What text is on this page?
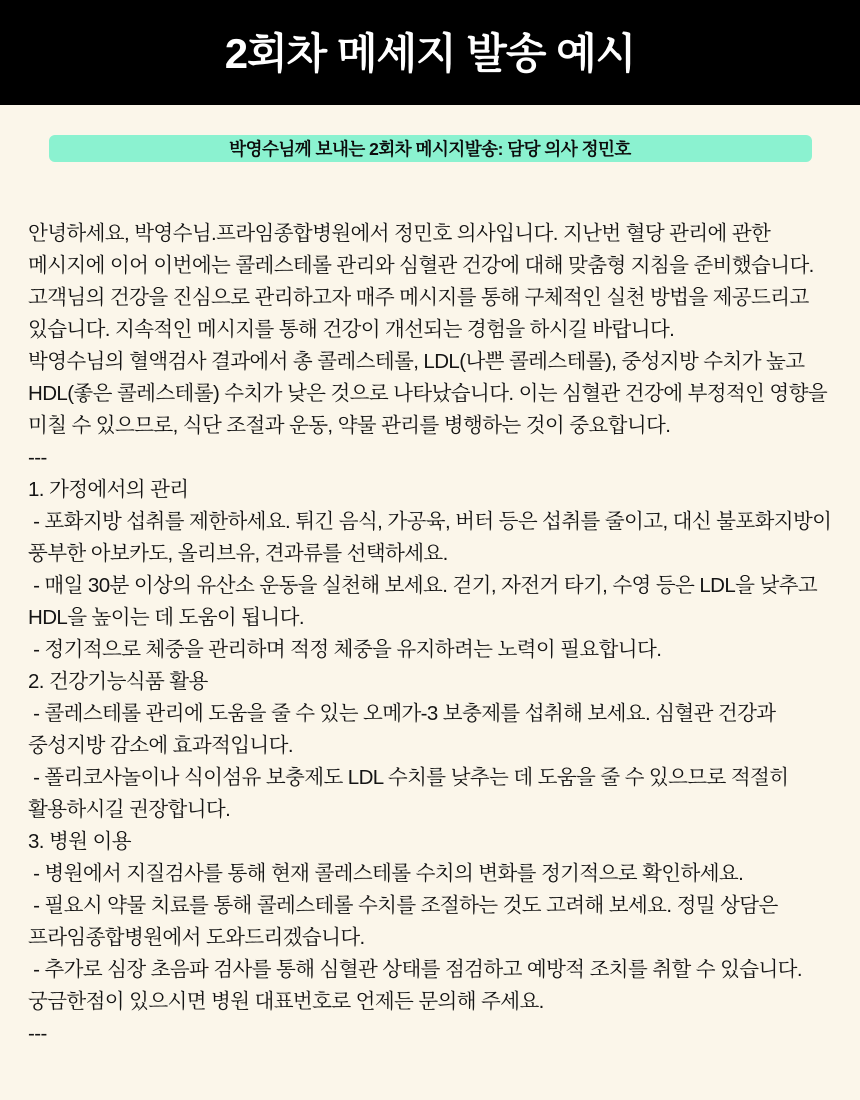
2회차 메세지 발송 예시
박영수님께 보내는 2회차 메시지발송: 담당 의사 정민호
안녕하세요, 박영수님.프라임종합병원에서 정민호 의사입니다. 지난번 혈당 관리에 관한 메시지에 이어 이번에는 콜레스테롤 관리와 심혈관 건강에 대해 맞춤형 지침을 준비했습니다.고객님의 건강을 진심으로 관리하고자 매주 메시지를 통해 구체적인 실천 방법을 제공드리고 있습니다. 지속적인 메시지를 통해 건강이 개선되는 경험을 하시길 바랍니다.
박영수님의 혈액검사 결과에서 총 콜레스테롤, LDL(나쁜 콜레스테롤), 중성지방 수치가 높고 HDL(좋은 콜레스테롤) 수치가 낮은 것으로 나타났습니다. 이는 심혈관 건강에 부정적인 영향을 미칠 수 있으므로, 식단 조절과 운동, 약물 관리를 병행하는 것이 중요합니다.
---
1. 가정에서의 관리
- 포화지방 섭취를 제한하세요. 튀긴 음식, 가공육, 버터 등은 섭취를 줄이고, 대신 불포화지방이 풍부한 아보카도, 올리브유, 견과류를 선택하세요.
- 매일 30분 이상의 유산소 운동을 실천해 보세요. 걷기, 자전거 타기, 수영 등은 LDL을 낮추고 HDL을 높이는 데 도움이 됩니다.
- 정기적으로 체중을 관리하며 적정 체중을 유지하려는 노력이 필요합니다.
2. 건강기능식품 활용
- 콜레스테롤 관리에 도움을 줄 수 있는 오메가-3 보충제를 섭취해 보세요. 심혈관 건강과 중성지방 감소에 효과적입니다.
- 폴리코사놀이나 식이섬유 보충제도 LDL 수치를 낮추는 데 도움을 줄 수 있으므로 적절히 활용하시길 권장합니다.
3. 병원 이용
- 병원에서 지질검사를 통해 현재 콜레스테롤 수치의 변화를 정기적으로 확인하세요.
- 필요시 약물 치료를 통해 콜레스테롤 수치를 조절하는 것도 고려해 보세요. 정밀 상담은 프라임종합병원에서 도와드리겠습니다.
- 추가로 심장 초음파 검사를 통해 심혈관 상태를 점검하고 예방적 조치를 취할 수 있습니다.궁금한점이 있으시면 병원 대표번호로 언제든 문의해 주세요.
---
